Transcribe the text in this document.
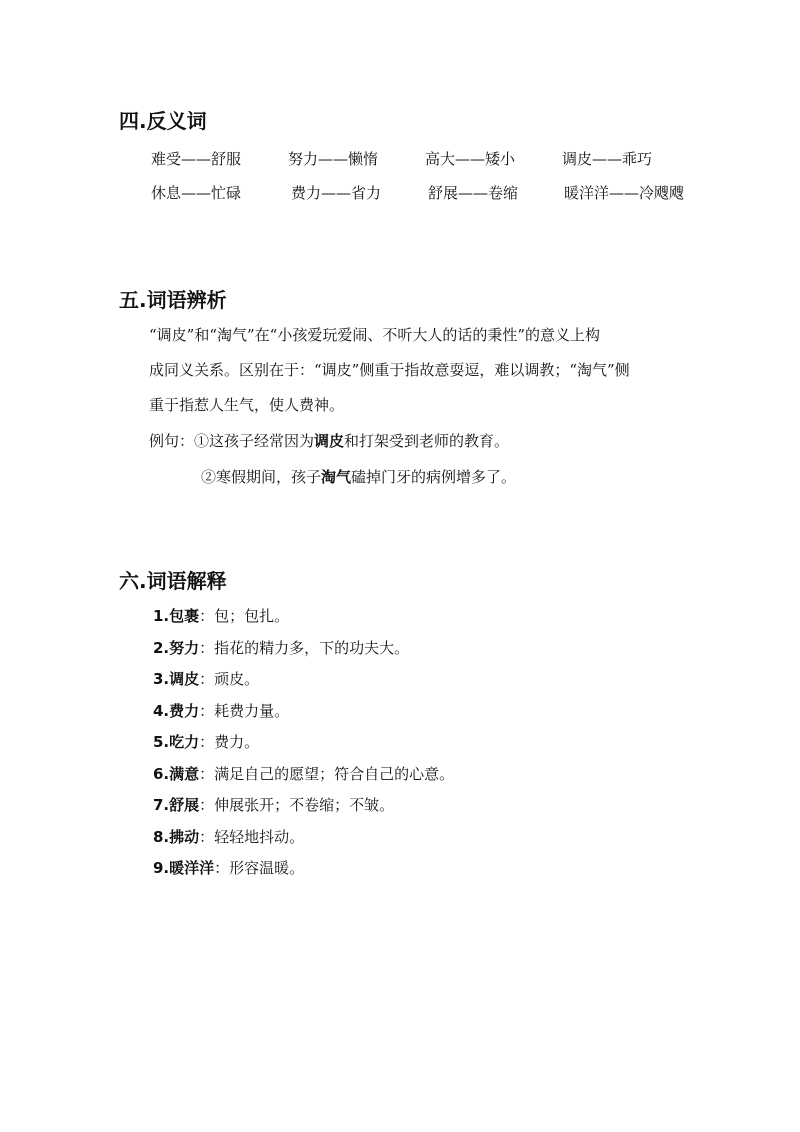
四.反义词
难受——舒服	努力——懒惰	高大——矮小	调皮——乖巧
休息——忙碌	费力——省力	舒展——卷缩	暖洋洋——冷飕飕
五.词语辨析
“调皮”和“淘气”在“小孩爱玩爱闹、不听大人的话的秉性”的意义上构
成同义关系。区别在于：“调皮”侧重于指故意耍逗，难以调教；“淘气”侧
重于指惹人生气，使人费神。
例句：①这孩子经常因为调皮和打架受到老师的教育。
②寒假期间，孩子淘气磕掉门牙的病例增多了。
六.词语解释
1.包裹：包；包扎。
2.努力：指花的精力多，下的功夫大。
3.调皮：顽皮。
4.费力：耗费力量。
5.吃力：费力。
6.满意：满足自己的愿望；符合自己的心意。
7.舒展：伸展张开；不卷缩；不皱。
8.拂动：轻轻地抖动。
9.暖洋洋：形容温暖。
